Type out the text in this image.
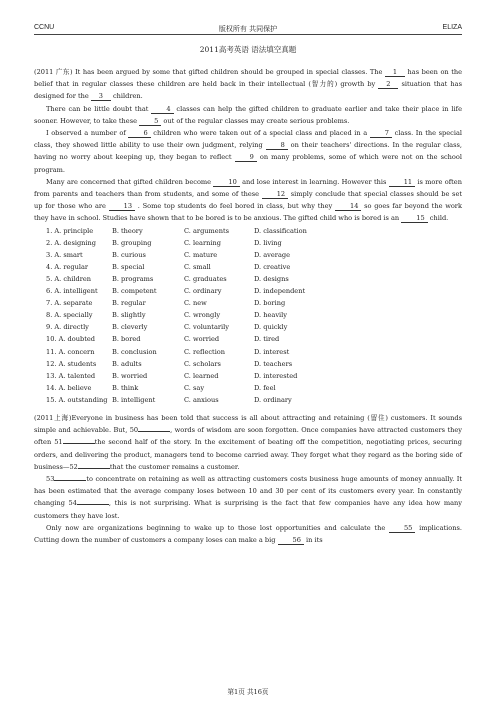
CCNU	版权所有 共同保护	ELIZA
2011高考英语 语法填空真题

(2011 广东) It has been argued by some that gifted children should be grouped in special classes. The 1 has been on the belief that in regular classes these children are held back in their intellectual (智力的) growth by 2 situation that has designed for the 3 children.

There can be little doubt that	4 classes can help the gifted children to graduate earlier and take their place in life sooner. However, to take these	5 out of the regular classes may create serious problems.

I observed a number of	6 children who were taken out of a special class and placed in a	7 class. In the special class, they showed little ability to use their own judgment, relying	8 on their teachers' directions. In the regular class, having no worry about keeping up, they began to reflect	9 on many problems, some of which were not on the school program.

Many are concerned that gifted children become	10 and lose interest in learning. However this	11 is more often from parents and teachers than from students, and some of these	12 simply conclude that special classes should be set up for those who are	13 . Some top students do feel bored in class, but why they	14 so goes far beyond the work they have in school. Studies have shown that to be bored is to be anxious. The gifted child who is bored is an	15 child.

1. A. principle	B. theory	C. arguments	D. classification
2. A. designing	B. grouping	C. learning	D. living
3. A. smart	B. curious	C. mature	D. average
4. A. regular	B. special	C. small	D. creative
5. A. children	B. programs	C. graduates	D. designs
6. A. intelligent	B. competent	C. ordinary	D. independent
7. A. separate	B. regular	C. new	D. boring
8. A. specially	B. slightly	C. wrongly	D. heavily
9. A. directly	B. cleverly	C. voluntarily	D. quickly
10. A. doubted	B. bored	C. worried	D. tired
11. A. concern	B. conclusion	C. reflection	D. interest
12. A. students	B. adults	C. scholars	D. teachers
13. A. talented	B. worried	C. learned	D. interested
14. A. believe	B. think	C. say	D. feel
15. A. outstanding B. intelligent	C. anxious	D. ordinary

(2011上海)Everyone in business has been told that success is all about attracting and retaining (留住) customers. It sounds simple and achievable. But, 50	, words of wisdom are soon forgotten. Once companies have attracted customers they often 51	the second half of the story. In the excitement of beating off the competition, negotiating prices, securing orders, and delivering the product, managers tend to become carried away. They forget what they regard as the boring side of business—52	that the customer remains a customer.

53	to concentrate on retaining as well as attracting customers costs business huge amounts of money annually. It has been estimated that the average company loses between 10 and 30 per cent of its customers every year. In constantly changing 54	, this is not surprising. What is surprising is the fact that few companies have any idea how many customers they have lost.

Only now are organizations beginning to wake up to those lost opportunities and calculate the	55 implications. Cutting down the number of customers a company loses can make a big	56 in its

第1页 共16页
